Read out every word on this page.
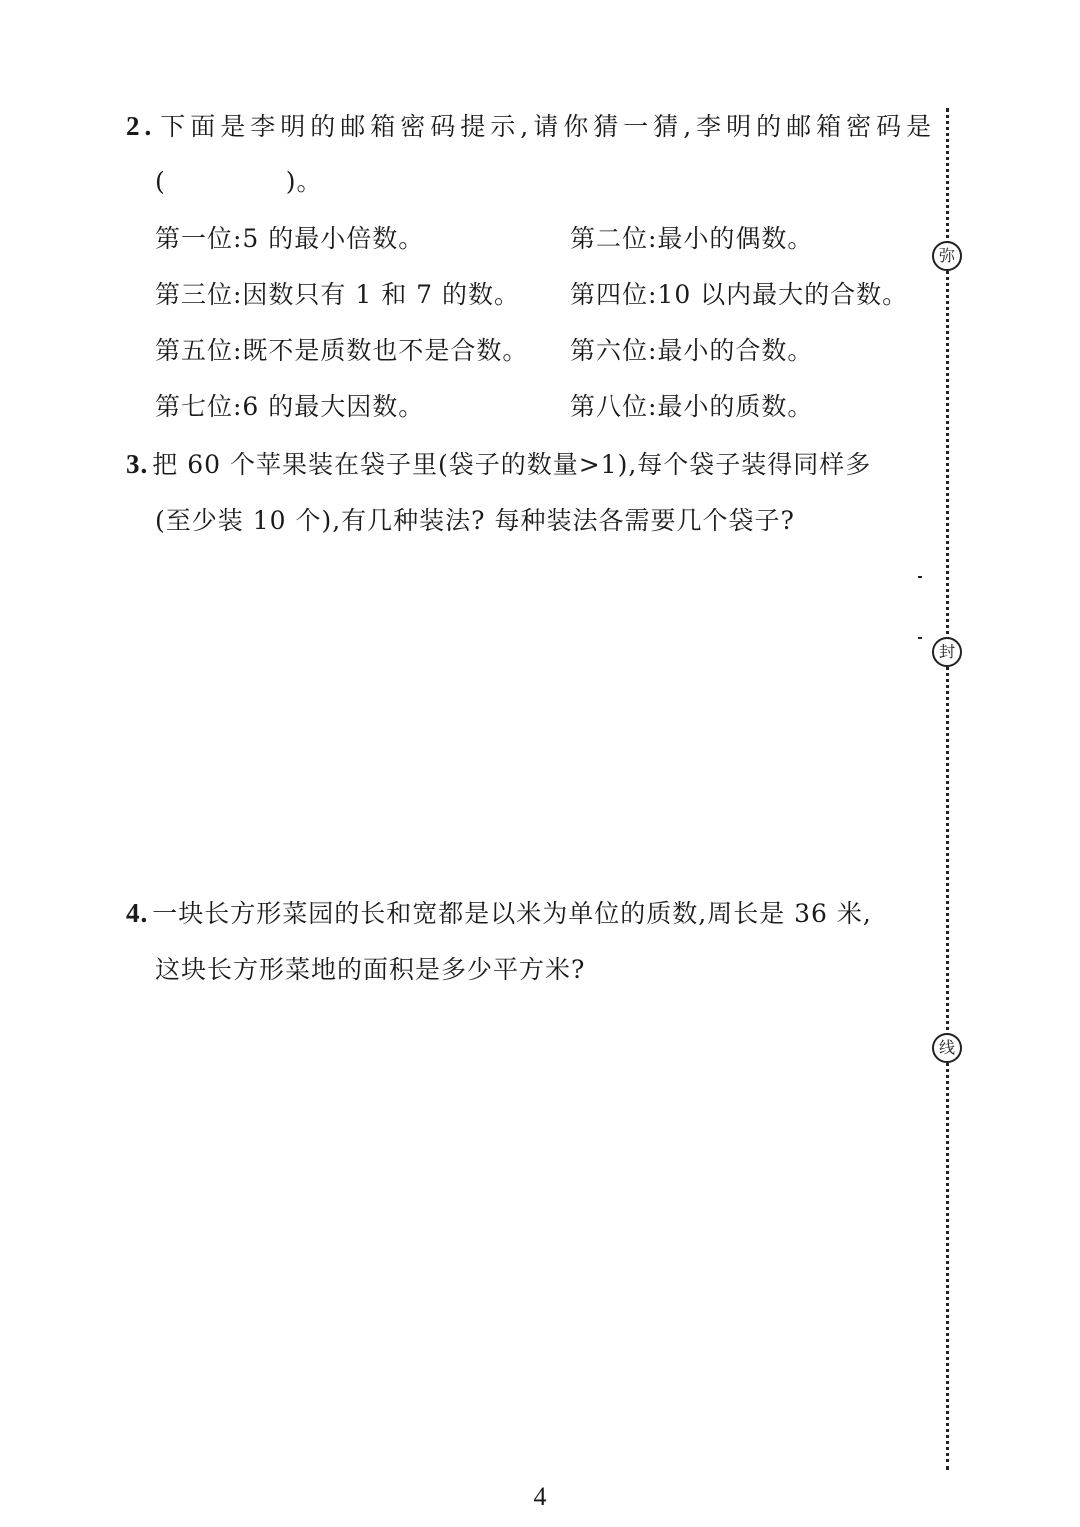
2. 下面是李明的邮箱密码提示,请你猜一猜,李明的邮箱密码是
(	)。
第一位:5 的最小倍数。	第二位:最小的偶数。
第三位:因数只有 1 和 7 的数。 第四位:10 以内最大的合数。
第五位:既不是质数也不是合数。 第六位:最小的合数。
第七位:6 的最大因数。	第八位:最小的质数。
3. 把 60 个苹果装在袋子里(袋子的数量>1),每个袋子装得同样多
(至少装 10 个),有几种装法? 每种装法各需要几个袋子?
4. 一块长方形菜园的长和宽都是以米为单位的质数,周长是 36 米,
这块长方形菜地的面积是多少平方米?
弥
封
线
4
